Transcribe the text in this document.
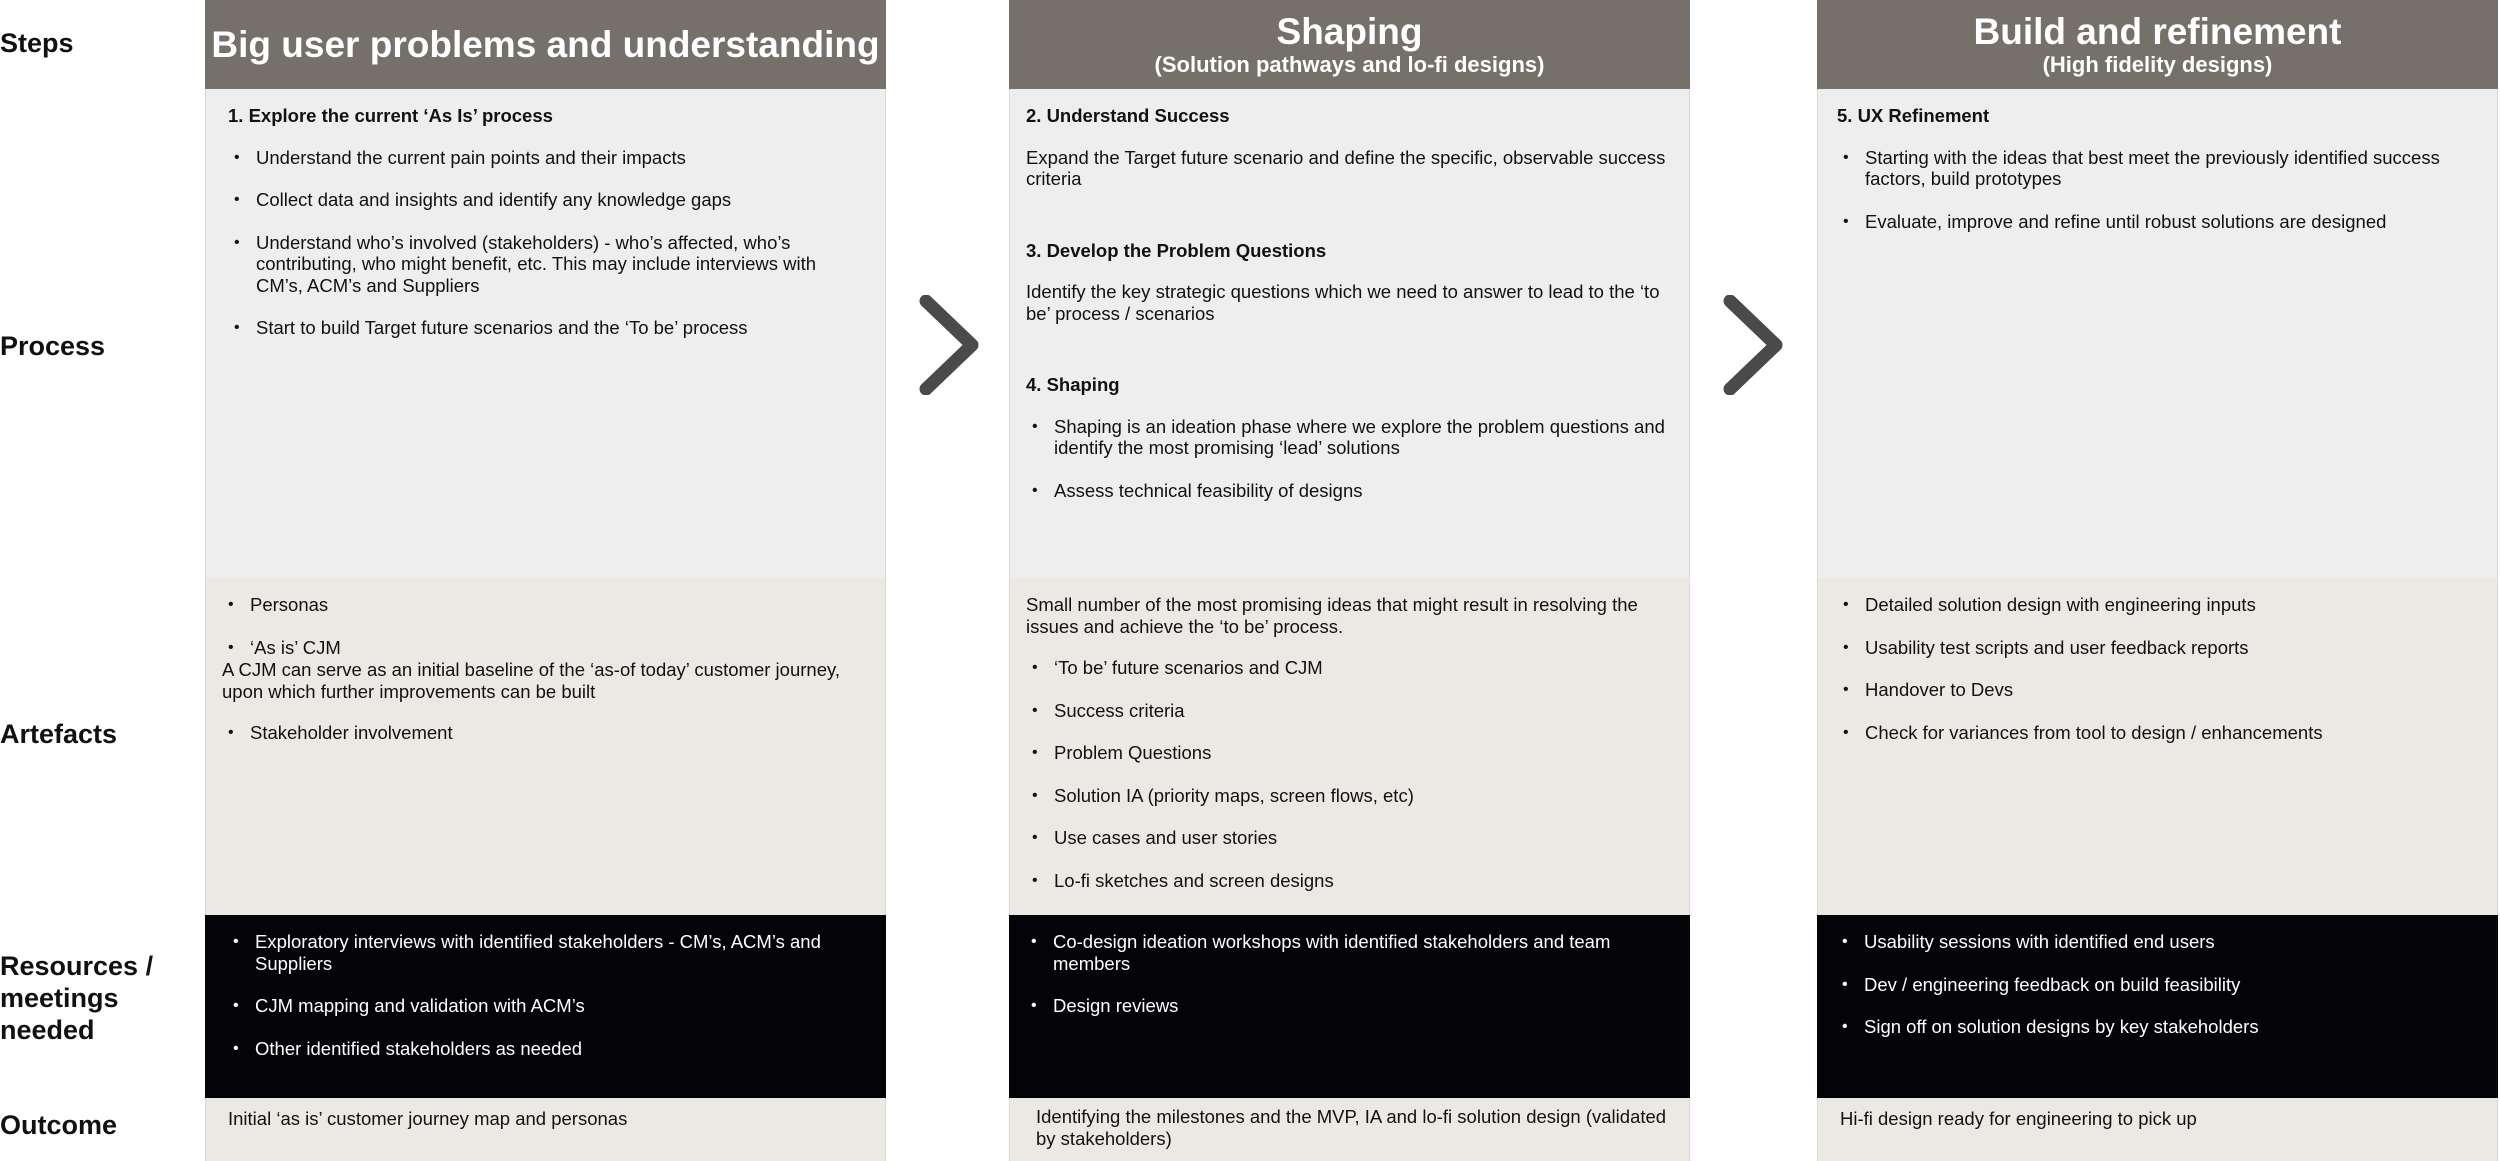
Steps
Process
Artefacts
Resources / meetings needed
Outcome
Big user problems and understanding
1. Explore the current ‘As Is’ process
• Understand the current pain points and their impacts
• Collect data and insights and identify any knowledge gaps
• Understand who’s involved (stakeholders) - who’s affected, who’s contributing, who might benefit, etc. This may include interviews with CM’s, ACM’s and Suppliers
• Start to build Target future scenarios and the ‘To be’ process
• Personas
• ‘As is’ CJM
A CJM can serve as an initial baseline of the ‘as-of today’ customer journey, upon which further improvements can be built
• Stakeholder involvement
• Exploratory interviews with identified stakeholders - CM’s, ACM’s and Suppliers
• CJM mapping and validation with ACM’s
• Other identified stakeholders as needed
Initial ‘as is’ customer journey map and personas
Shaping
(Solution pathways and lo-fi designs)
2. Understand Success
Expand the Target future scenario and define the specific, observable success criteria
3. Develop the Problem Questions
Identify the key strategic questions which we need to answer to lead to the ‘to be’ process / scenarios
4. Shaping
• Shaping is an ideation phase where we explore the problem questions and identify the most promising ‘lead’ solutions
• Assess technical feasibility of designs
Small number of the most promising ideas that might result in resolving the issues and achieve the ‘to be’ process.
• ‘To be’ future scenarios and CJM
• Success criteria
• Problem Questions
• Solution IA (priority maps, screen flows, etc)
• Use cases and user stories
• Lo-fi sketches and screen designs
• Co-design ideation workshops with identified stakeholders and team members
• Design reviews
Identifying the milestones and the MVP, IA and lo-fi solution design (validated by stakeholders)
Build and refinement
(High fidelity designs)
5. UX Refinement
• Starting with the ideas that best meet the previously identified success factors, build prototypes
• Evaluate, improve and refine until robust solutions are designed
• Detailed solution design with engineering inputs
• Usability test scripts and user feedback reports
• Handover to Devs
• Check for variances from tool to design / enhancements
• Usability sessions with identified end users
• Dev / engineering feedback on build feasibility
• Sign off on solution designs by key stakeholders
Hi-fi design ready for engineering to pick up
